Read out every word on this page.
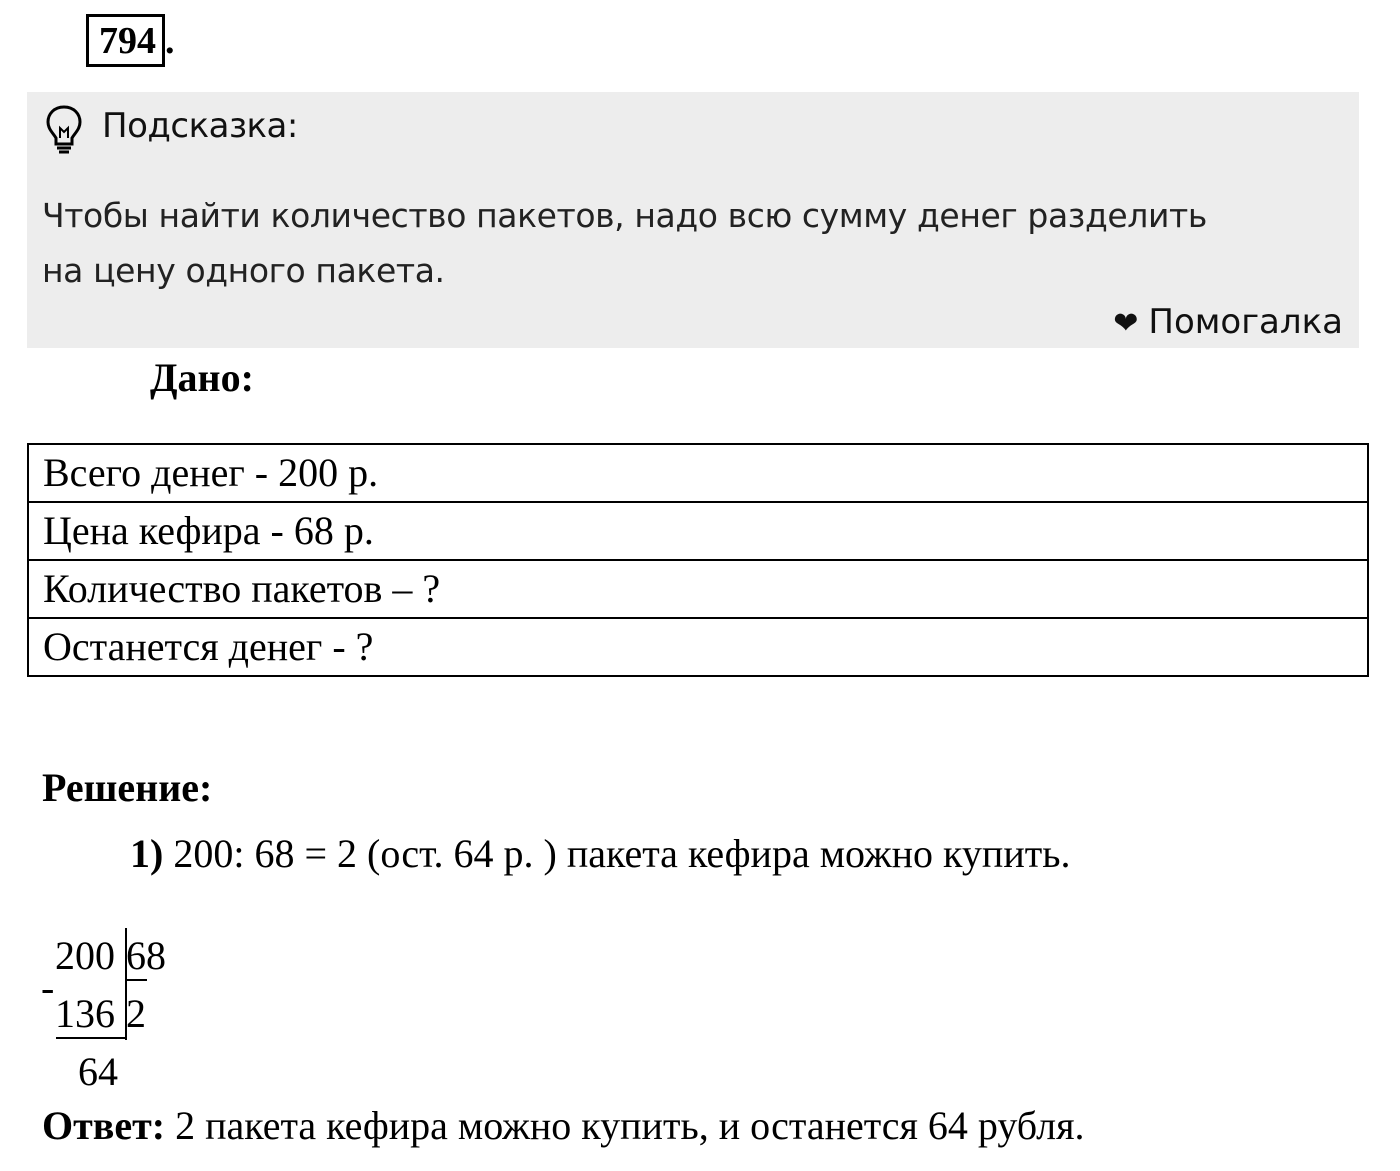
794 .
Подсказка:
Чтобы найти количество пакетов, надо всю сумму денег разделить
на цену одного пакета.
❤ Помогалка
Дано:
Всего денег - 200 р.
Цена кефира - 68 р.
Количество пакетов – ?
Останется денег - ?
Решение:
1) 200: 68 = 2 (ост. 64 р. ) пакета кефира можно купить.
200 68
-
136 2
64
Ответ: 2 пакета кефира можно купить, и останется 64 рубля.
